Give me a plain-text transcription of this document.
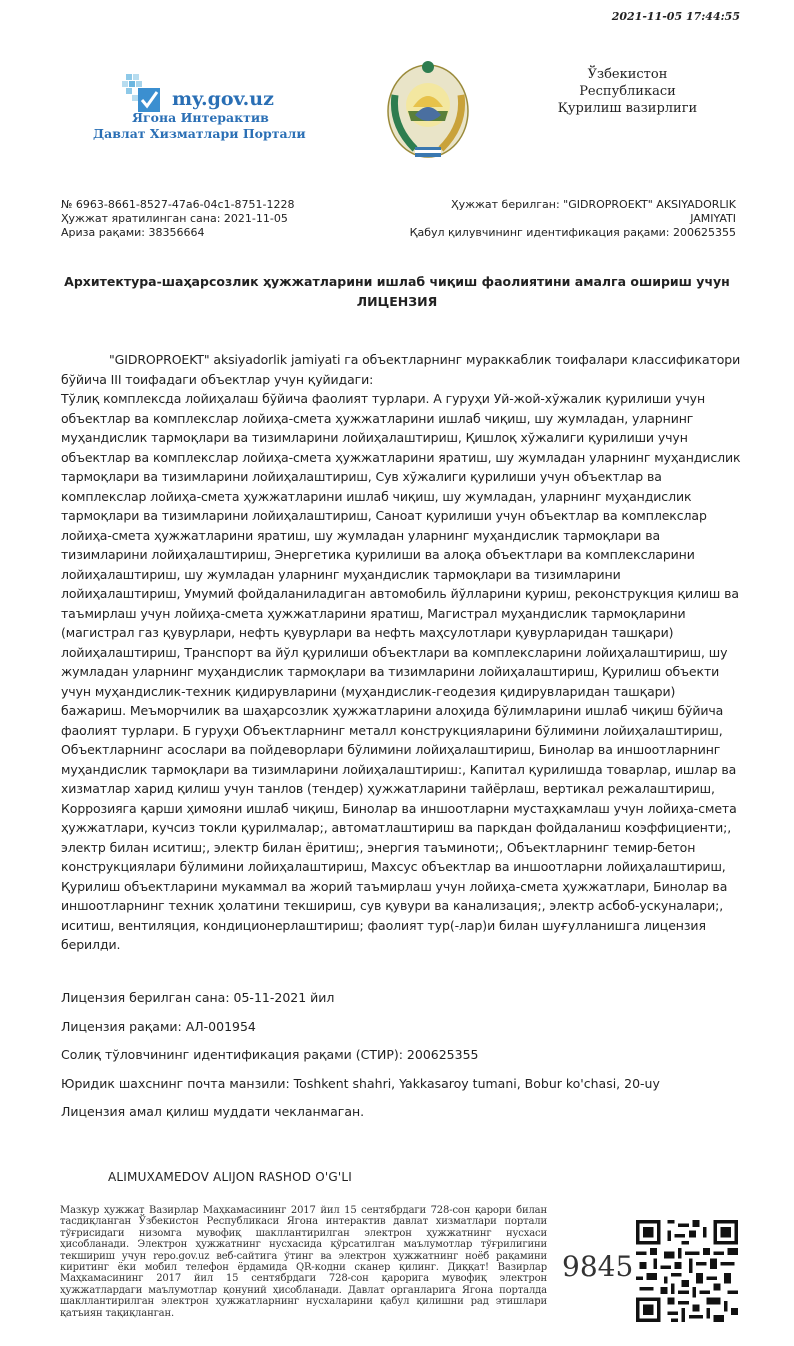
2021-11-05 17:44:55
my.gov.uz
Ягона Интерактив
Давлат Хизматлари Портали
Ўзбекистон
Республикаси
Қурилиш вазирлиги
№ 6963-8661-8527-47a6-04c1-8751-1228
Ҳужжат яратилинган сана: 2021-11-05
Ариза рақами: 38356664
Ҳужжат берилган: "GIDROPROEKT" AKSIYADORLIK
JAMIYATI
Қабул қилувчининг идентификация рақами: 200625355
Архитектура-шаҳарсозлик ҳужжатларини ишлаб чиқиш фаолиятини амалга ошириш учун
ЛИЦЕНЗИЯ
"GIDROPROEKT" aksiyadorlik jamiyati га объектларнинг мураккаблик тоифалари классификатори бўйича III тоифадаги объектлар учун қуйидаги:
Тўлиқ комплексда лойиҳалаш бўйича фаолият турлари. А гуруҳи Уй-жой-хўжалик қурилиши учун объектлар ва комплекслар лойиҳа-смета ҳужжатларини ишлаб чиқиш, шу жумладан, уларнинг муҳандислик тармоқлари ва тизимларини лойиҳалаштириш, Қишлоқ хўжалиги қурилиши учун объектлар ва комплекслар лойиҳа-смета ҳужжатларини яратиш, шу жумладан уларнинг муҳандислик тармоқлари ва тизимларини лойиҳалаштириш, Сув хўжалиги қурилиши учун объектлар ва комплекслар лойиҳа-смета ҳужжатларини ишлаб чиқиш, шу жумладан, уларнинг муҳандислик тармоқлари ва тизимларини лойиҳалаштириш, Саноат қурилиши учун объектлар ва комплекслар лойиҳа-смета ҳужжатларини яратиш, шу жумладан уларнинг муҳандислик тармоқлари ва тизимларини лойиҳалаштириш, Энергетика қурилиши ва алоқа объектлари ва комплексларини лойиҳалаштириш, шу жумладан уларнинг муҳандислик тармоқлари ва тизимларини лойиҳалаштириш, Умумий фойдаланиладиган автомобиль йўлларини қуриш, реконструкция қилиш ва таъмирлаш учун лойиҳа-смета ҳужжатларини яратиш, Магистрал муҳандислик тармоқларини (магистрал газ қувурлари, нефть қувурлари ва нефть маҳсулотлари қувурларидан ташқари) лойиҳалаштириш, Транспорт ва йўл қурилиши объектлари ва комплексларини лойиҳалаштириш, шу жумладан уларнинг муҳандислик тармоқлари ва тизимларини лойиҳалаштириш, Қурилиш объекти учун муҳандислик-техник қидирувларини (муҳандислик-геодезия қидирувларидан ташқари) бажариш. Меъморчилик ва шаҳарсозлик ҳужжатларини алоҳида бўлимларини ишлаб чиқиш бўйича фаолият турлари. Б гуруҳи Объектларнинг металл конструкцияларини бўлимини лойиҳалаштириш, Объектларнинг асослари ва пойдеворлари бўлимини лойиҳалаштириш, Бинолар ва иншоотларнинг муҳандислик тармоқлари ва тизимларини лойиҳалаштириш:, Капитал қурилишда товарлар, ишлар ва хизматлар харид қилиш учун танлов (тендер) ҳужжатларини тайёрлаш, вертикал режалаштириш, Коррозияга қарши ҳимояни ишлаб чиқиш, Бинолар ва иншоотларни мустаҳкамлаш учун лойиҳа-смета ҳужжатлари, кучсиз токли қурилмалар;, автоматлаштириш ва паркдан фойдаланиш коэффициенти;, электр билан иситиш;, электр билан ёритиш;, энергия таъминоти;, Объектларнинг темир-бетон конструкциялари бўлимини лойиҳалаштириш, Махсус объектлар ва иншоотларни лойиҳалаштириш, Қурилиш объектларини мукаммал ва жорий таъмирлаш учун лойиҳа-смета ҳужжатлари, Бинолар ва иншоотларнинг техник ҳолатини текшириш, сув қувури ва канализация;, электр асбоб-ускуналари;, иситиш, вентиляция, кондиционерлаштириш; фаолият тур(-лар)и билан шуғулланишга лицензия берилди.
Лицензия берилган сана: 05-11-2021 йил
Лицензия рақами: АЛ-001954
Солиқ тўловчининг идентификация рақами (СТИР): 200625355
Юридик шахснинг почта манзили: Toshkent shahri, Yakkasaroy tumani, Bobur ko'chasi, 20-uy
Лицензия амал қилиш муддати чекланмаган.
ALIMUXAMEDOV ALIJON RASHOD O'G'LI
Мазкур ҳужжат Вазирлар Маҳкамасининг 2017 йил 15 сентябрдаги 728-сон қарори билан тасдиқланган Ўзбекистон Республикаси Ягона интерактив давлат хизматлари портали тўғрисидаги низомга мувофиқ шакллантирилган электрон ҳужжатнинг нусхаси ҳисобланади. Электрон ҳужжатнинг нусхасида қўрсатилган маълумотлар тўғрилигини текшириш учун repo.gov.uz веб-сайтига ўтинг ва электрон ҳужжатнинг ноёб рақамини киритинг ёки мобил телефон ёрдамида QR-кодни сканер қилинг. Диққат! Вазирлар Маҳкамасининг 2017 йил 15 сентябрдаги 728-сон қарорига мувофиқ электрон ҳужжатлардаги маълумотлар қонуний ҳисобланади. Давлат органларига Ягона порталда шакллантирилган электрон ҳужжатларнинг нусхаларини қабул қилишни рад этишлари қатъиян тақиқланган.
9845
